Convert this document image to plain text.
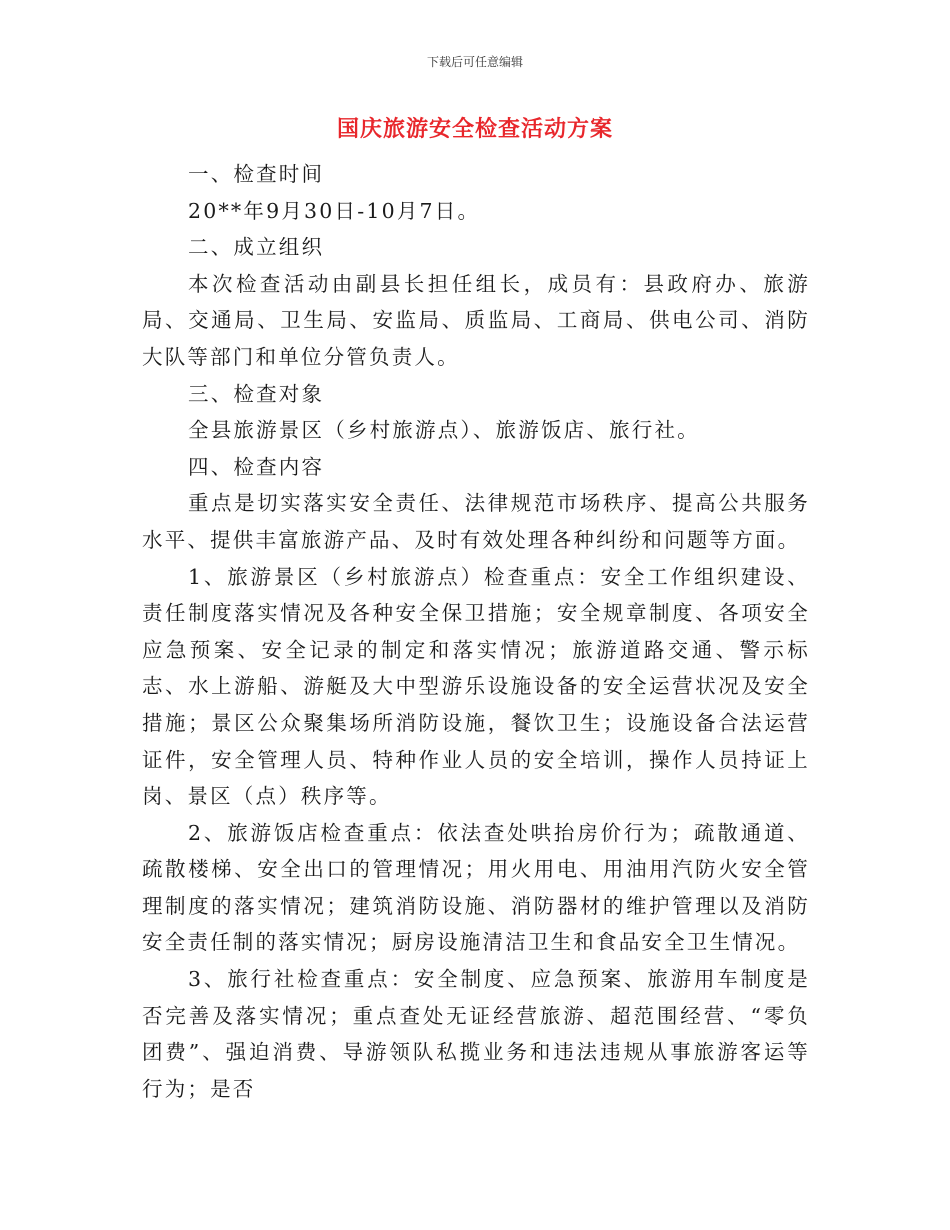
下载后可任意编辑
国庆旅游安全检查活动方案

一、检查时间

20**年9月30日-10月7日。

二、成立组织

本次检查活动由副县长担任组长，成员有：县政府办、旅游局、交通局、卫生局、安监局、质监局、工商局、供电公司、消防大队等部门和单位分管负责人。

三、检查对象

全县旅游景区（乡村旅游点）、旅游饭店、旅行社。

四、检查内容

重点是切实落实安全责任、法律规范市场秩序、提高公共服务水平、提供丰富旅游产品、及时有效处理各种纠纷和问题等方面。

1、旅游景区（乡村旅游点）检查重点：安全工作组织建设、责任制度落实情况及各种安全保卫措施；安全规章制度、各项安全应急预案、安全记录的制定和落实情况；旅游道路交通、警示标志、水上游船、游艇及大中型游乐设施设备的安全运营状况及安全措施；景区公众聚集场所消防设施，餐饮卫生；设施设备合法运营证件，安全管理人员、特种作业人员的安全培训，操作人员持证上岗、景区（点）秩序等。

2、旅游饭店检查重点：依法查处哄抬房价行为；疏散通道、疏散楼梯、安全出口的管理情况；用火用电、用油用汽防火安全管理制度的落实情况；建筑消防设施、消防器材的维护管理以及消防安全责任制的落实情况；厨房设施清洁卫生和食品安全卫生情况。

3、旅行社检查重点：安全制度、应急预案、旅游用车制度是否完善及落实情况；重点查处无证经营旅游、超范围经营、“零负团费”、强迫消费、导游领队私揽业务和违法违规从事旅游客运等行为；是否
